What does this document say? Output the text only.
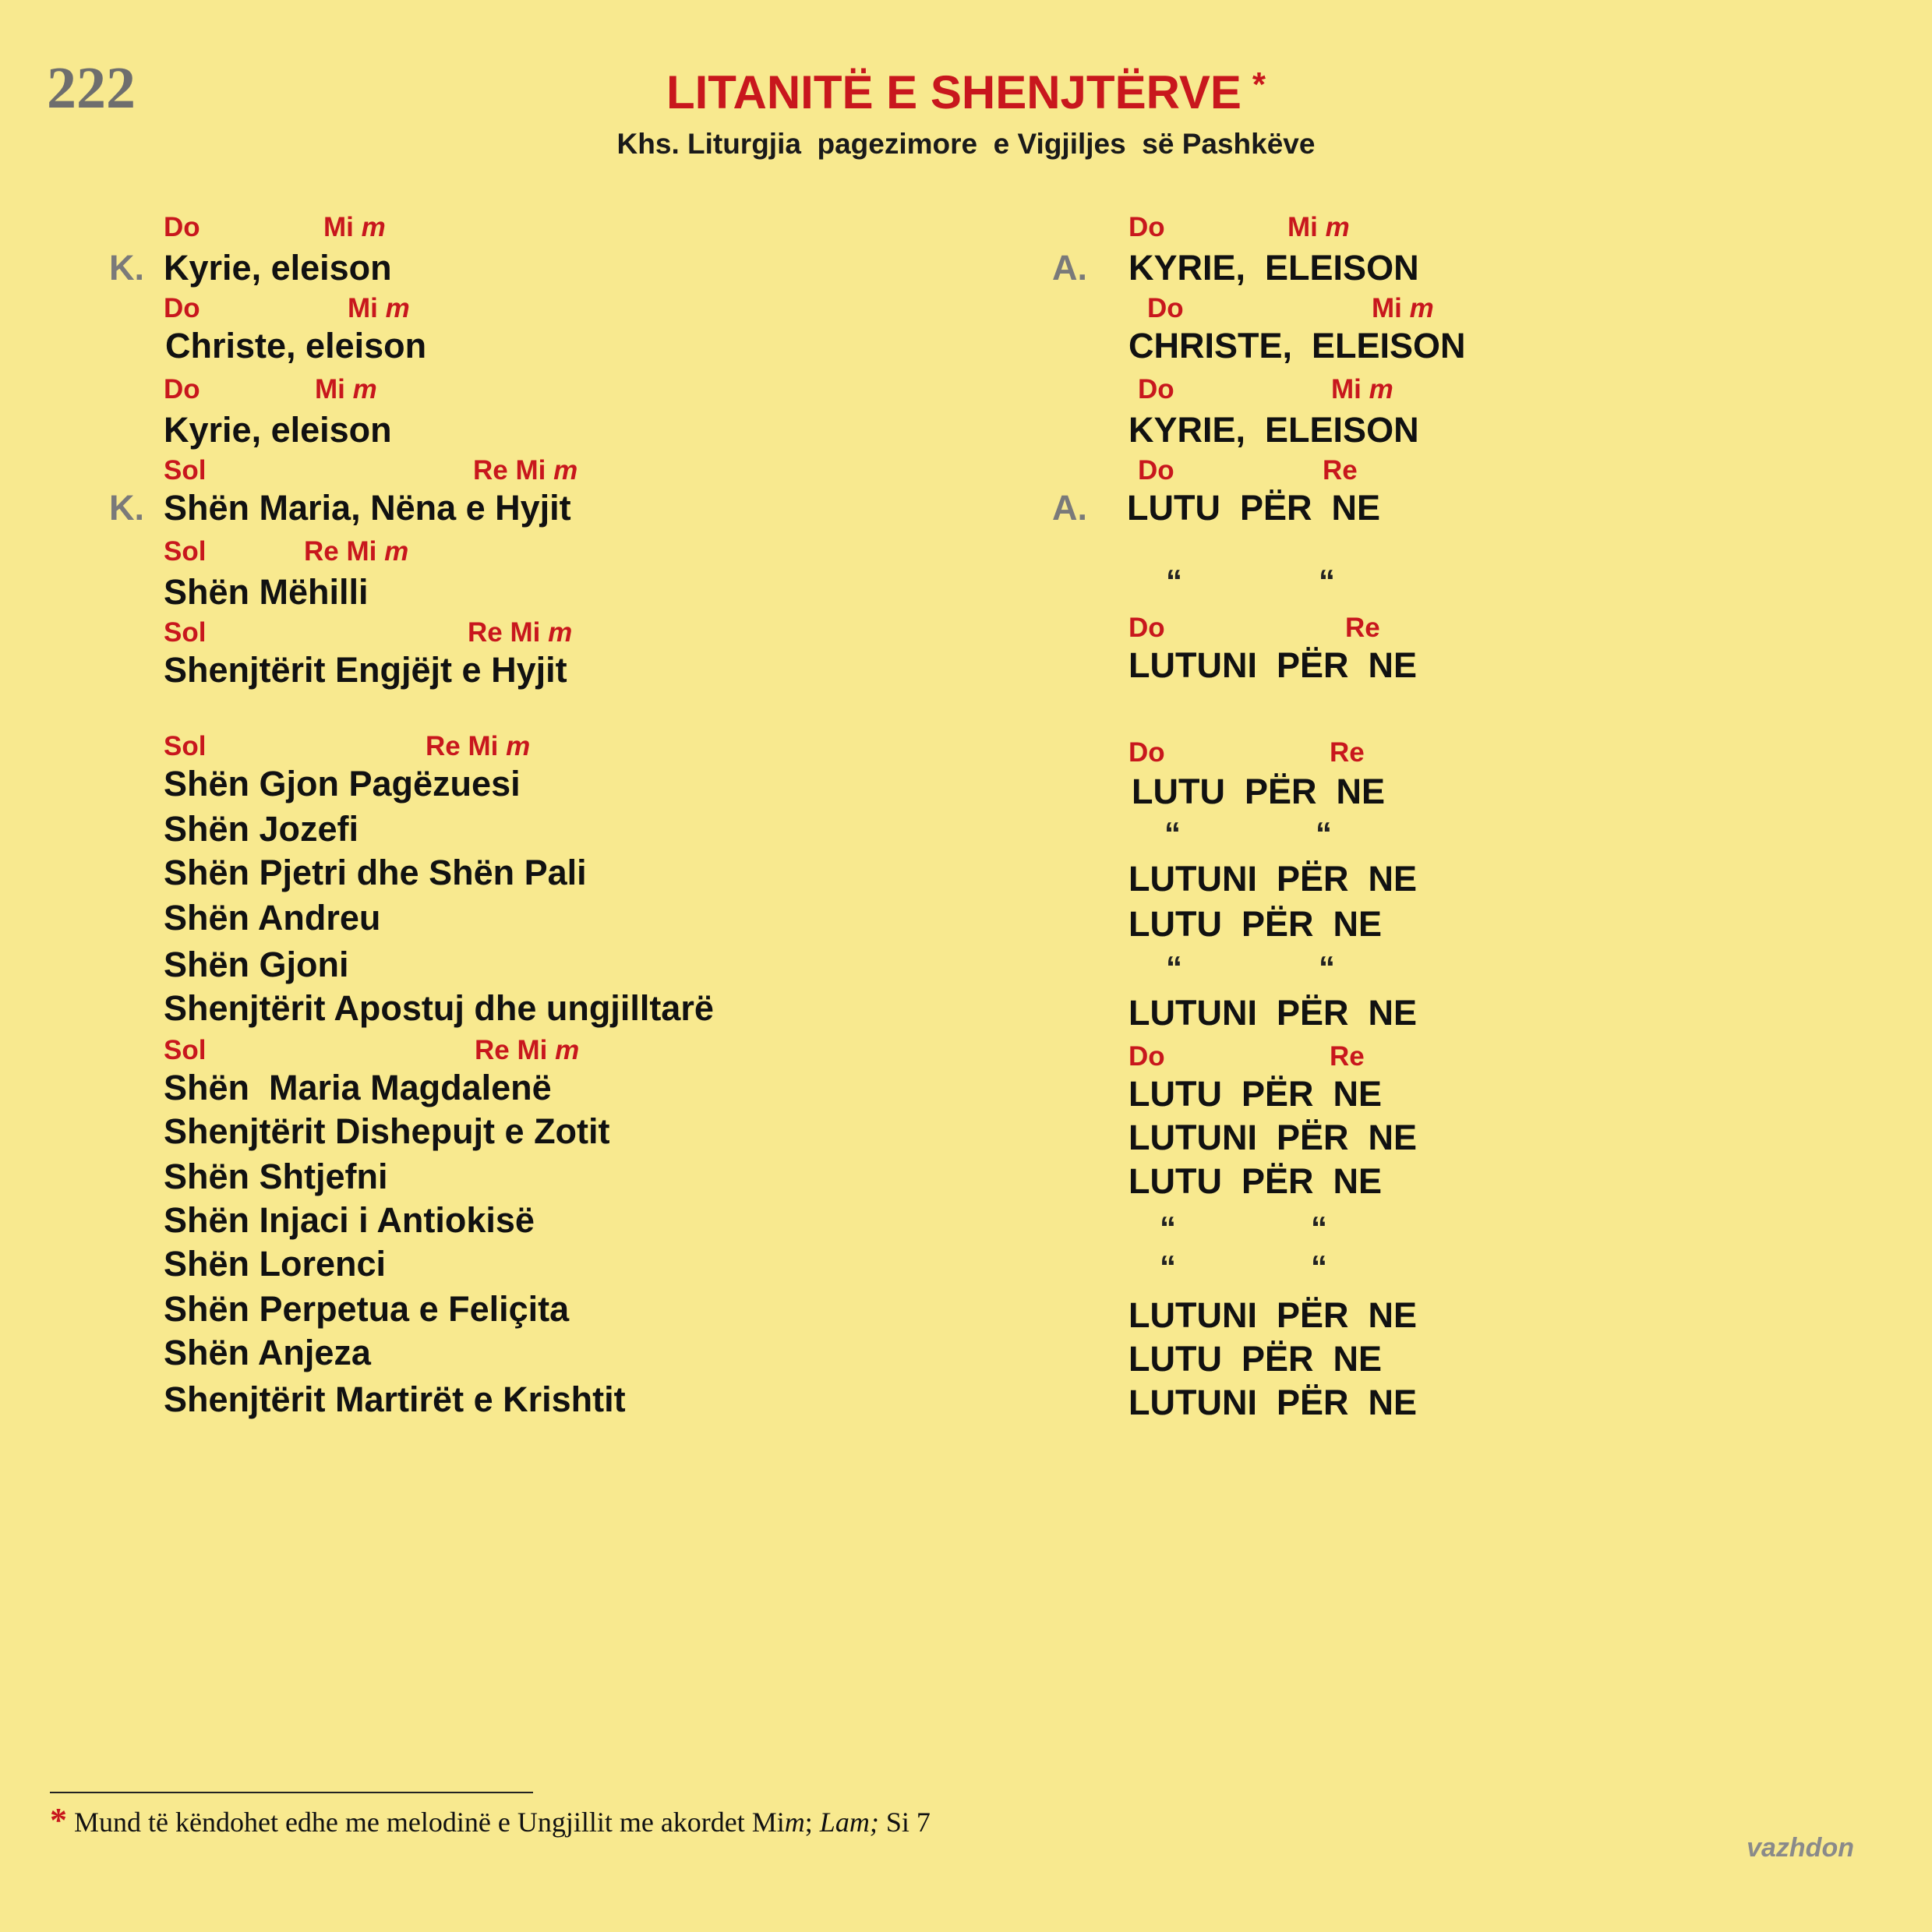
222	LITANITË E SHENJTËRVE *
Khs. Liturgjia  pagezimore  e Vigjiljes  së Pashkëve
Do	Mi m
K. Kyrie, eleison
Do	Mi m
Christe, eleison
Do	Mi m
Kyrie, eleison
Sol	Re Mi m
K. Shën Maria, Nëna e Hyjit
Sol	Re Mi m
Shën Mëhilli
Sol	Re Mi m
Shenjtërit Engjëjt e Hyjit
Sol	Re Mi m
Shën Gjon Pagëzuesi
Shën Jozefi
Shën Pjetri dhe Shën Pali
Shën Andreu
Shën Gjoni
Shenjtërit Apostuj dhe ungjilltarë
Sol	Re Mi m
Shën  Maria Magdalenë
Shenjtërit Dishepujt e Zotit
Shën Shtjefni
Shën Injaci i Antiokisë
Shën Lorenci
Shën Perpetua e Feliçita
Shën Anjeza
Shenjtërit Martirët e Krishtit
Do	Mi m
A. KYRIE,  ELEISON
Do	Mi m
CHRISTE,  ELEISON
Do	Mi m
KYRIE,  ELEISON
Do	Re
A. LUTU  PËR  NE
“	“
Do	Re
LUTUNI  PËR  NE
Do	Re
LUTU  PËR  NE
“	“
LUTUNI  PËR  NE
LUTU  PËR  NE
“	“
LUTUNI  PËR  NE
Do	Re
LUTU  PËR  NE
LUTUNI  PËR  NE
LUTU  PËR  NE
“	“
“	“
LUTUNI  PËR  NE
LUTU  PËR  NE
LUTUNI  PËR  NE
* Mund të këndohet edhe me melodinë e Ungjillit me akordet Mim; Lam; Si 7
vazhdon
